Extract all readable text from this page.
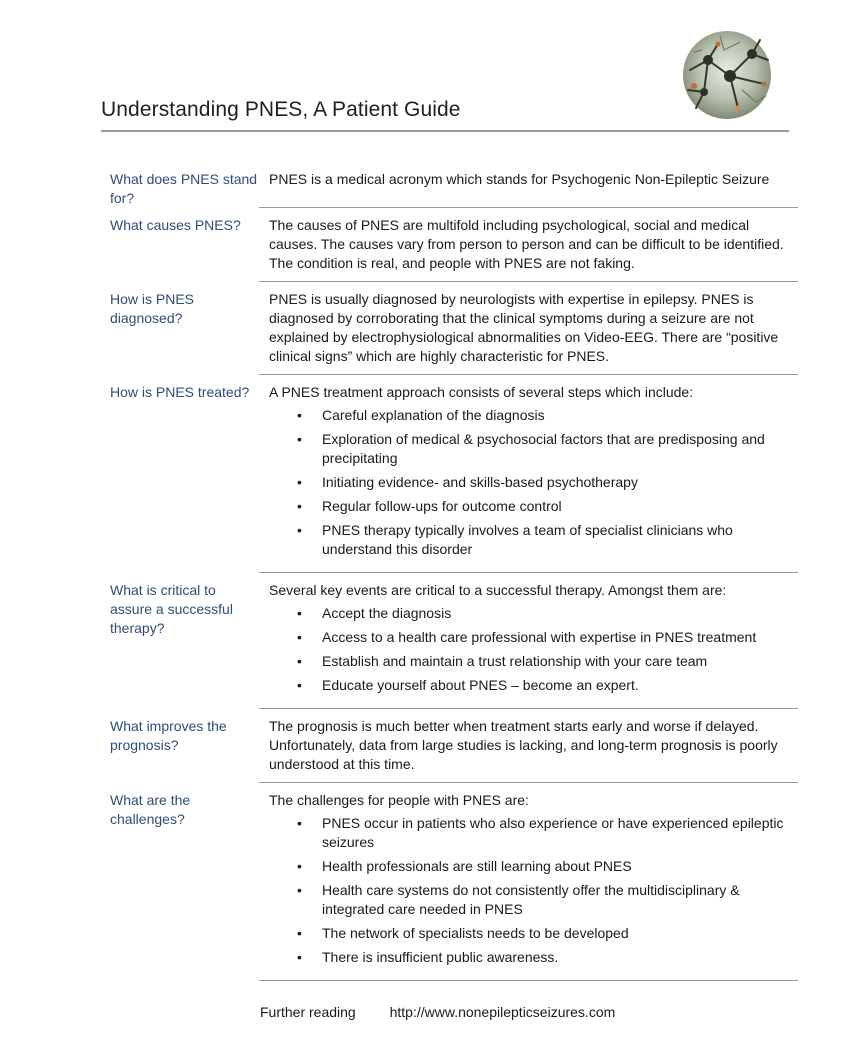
Understanding PNES, A Patient Guide
What does PNES stand for?
PNES is a medical acronym which stands for Psychogenic Non-Epileptic Seizure
What causes PNES?	The causes of PNES are multifold including psychological, social and medical causes. The causes vary from person to person and can be difficult to be identified. The condition is real, and people with PNES are not faking.
How is PNES diagnosed?
PNES is usually diagnosed by neurologists with expertise in epilepsy. PNES is diagnosed by corroborating that the clinical symptoms during a seizure are not explained by electrophysiological abnormalities on Video-EEG. There are “positive clinical signs” which are highly characteristic for PNES.
How is PNES treated?	A PNES treatment approach consists of several steps which include:
• Careful explanation of the diagnosis
• Exploration of medical & psychosocial factors that are predisposing and precipitating
• Initiating evidence- and skills-based psychotherapy
• Regular follow-ups for outcome control
• PNES therapy typically involves a team of specialist clinicians who understand this disorder
What is critical to assure a successful therapy?
Several key events are critical to a successful therapy. Amongst them are:
• Accept the diagnosis
• Access to a health care professional with expertise in PNES treatment
• Establish and maintain a trust relationship with your care team
• Educate yourself about PNES – become an expert.
What improves the prognosis?
The prognosis is much better when treatment starts early and worse if delayed. Unfortunately, data from large studies is lacking, and long-term prognosis is poorly understood at this time.
What are the challenges?
The challenges for people with PNES are:
• PNES occur in patients who also experience or have experienced epileptic seizures
• Health professionals are still learning about PNES
• Health care systems do not consistently offer the multidisciplinary & integrated care needed in PNES
• The network of specialists needs to be developed
• There is insufficient public awareness.
Further reading http://www.nonepilepticseizures.com
